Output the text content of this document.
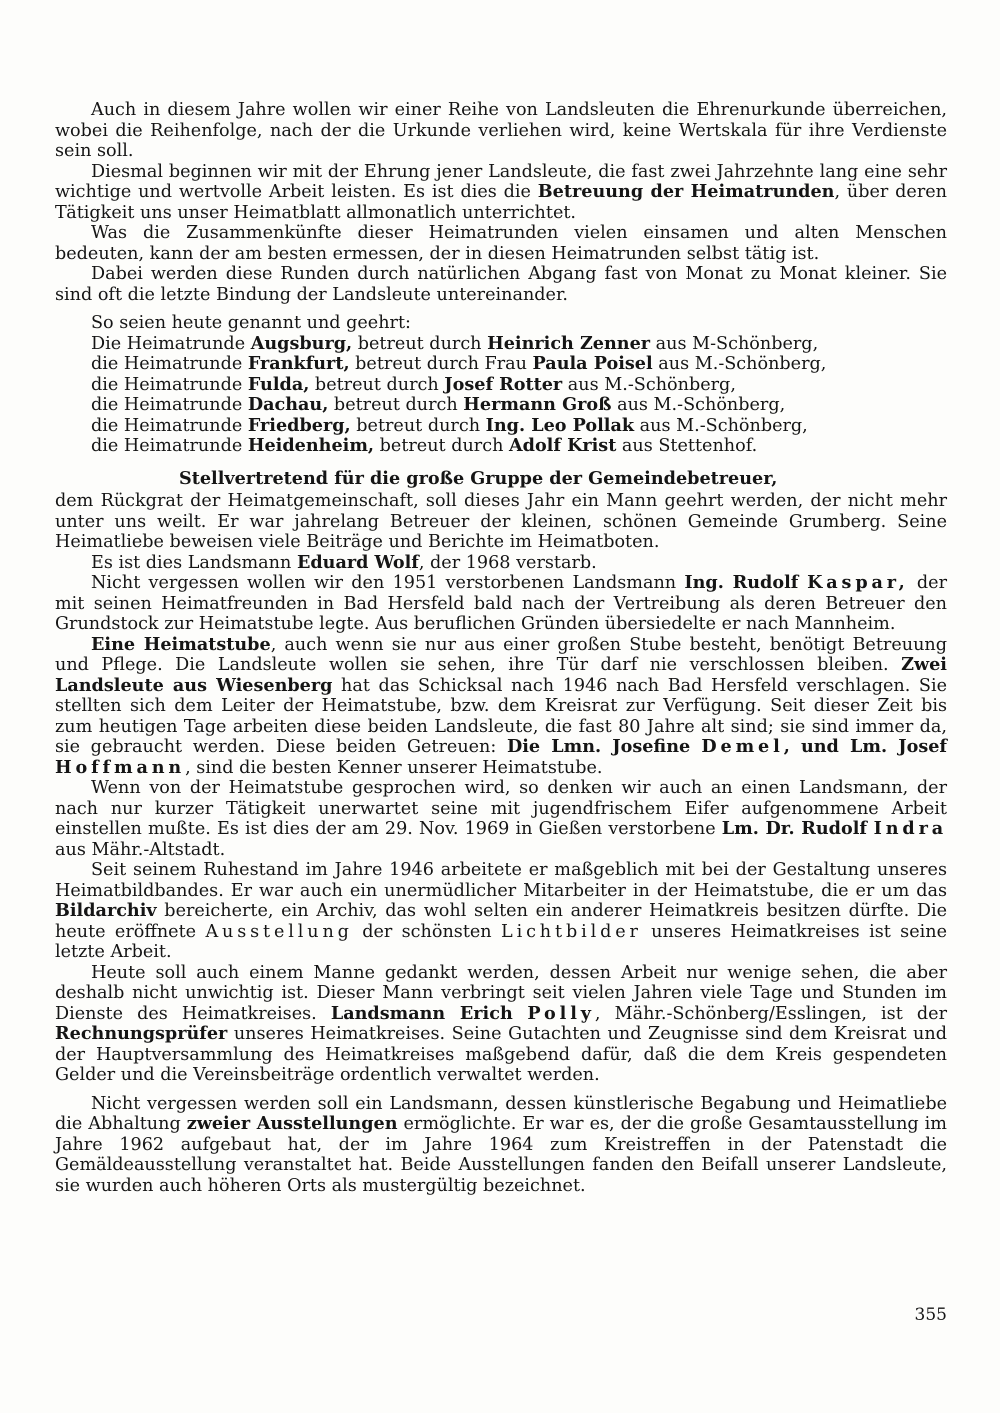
Auch in diesem Jahre wollen wir einer Reihe von Landsleuten die Ehrenurkunde überreichen, wobei die Reihenfolge, nach der die Urkunde verliehen wird, keine Wertskala für ihre Verdienste sein soll.

Diesmal beginnen wir mit der Ehrung jener Landsleute, die fast zwei Jahrzehnte lang eine sehr wichtige und wertvolle Arbeit leisten. Es ist dies die Betreuung der Heimatrunden, über deren Tätigkeit uns unser Heimatblatt allmonatlich unterrichtet.

Was die Zusammenkünfte dieser Heimatrunden vielen einsamen und alten Menschen bedeuten, kann der am besten ermessen, der in diesen Heimatrunden selbst tätig ist.

Dabei werden diese Runden durch natürlichen Abgang fast von Monat zu Monat kleiner. Sie sind oft die letzte Bindung der Landsleute untereinander.

So seien heute genannt und geehrt:

Die Heimatrunde Augsburg, betreut durch Heinrich Zenner aus M-Schönberg,
die Heimatrunde Frankfurt, betreut durch Frau Paula Poisel aus M.-Schönberg,
die Heimatrunde Fulda, betreut durch Josef Rotter aus M.-Schönberg,
die Heimatrunde Dachau, betreut durch Hermann Groß aus M.-Schönberg,
die Heimatrunde Friedberg, betreut durch Ing. Leo Pollak aus M.-Schönberg,
die Heimatrunde Heidenheim, betreut durch Adolf Krist aus Stettenhof.
Stellvertretend für die große Gruppe der Gemeindebetreuer,

dem Rückgrat der Heimatgemeinschaft, soll dieses Jahr ein Mann geehrt werden, der nicht mehr unter uns weilt. Er war jahrelang Betreuer der kleinen, schönen Gemeinde Grumberg. Seine Heimatliebe beweisen viele Beiträge und Berichte im Heimatboten.

Es ist dies Landsmann Eduard Wolf, der 1968 verstarb.

Nicht vergessen wollen wir den 1951 verstorbenen Landsmann Ing. Rudolf Kaspar, der mit seinen Heimatfreunden in Bad Hersfeld bald nach der Vertreibung als deren Betreuer den Grundstock zur Heimatstube legte. Aus beruflichen Gründen übersiedelte er nach Mannheim.

Eine Heimatstube, auch wenn sie nur aus einer großen Stube besteht, benötigt Betreuung und Pflege. Die Landsleute wollen sie sehen, ihre Tür darf nie verschlossen bleiben. Zwei Landsleute aus Wiesenberg hat das Schicksal nach 1946 nach Bad Hersfeld verschlagen. Sie stellten sich dem Leiter der Heimatstube, bzw. dem Kreisrat zur Verfügung. Seit dieser Zeit bis zum heutigen Tage arbeiten diese beiden Landsleute, die fast 80 Jahre alt sind; sie sind immer da, sie gebraucht werden. Diese beiden Getreuen: Die Lmn. Josefine Demel, und Lm. Josef Hoffmann, sind die besten Kenner unserer Heimatstube.

Wenn von der Heimatstube gesprochen wird, so denken wir auch an einen Landsmann, der nach nur kurzer Tätigkeit unerwartet seine mit jugendfrischem Eifer aufgenommene Arbeit einstellen mußte. Es ist dies der am 29. Nov. 1969 in Gießen verstorbene Lm. Dr. Rudolf Indra aus Mähr.-Altstadt.

Seit seinem Ruhestand im Jahre 1946 arbeitete er maßgeblich mit bei der Gestaltung unseres Heimatbildbandes. Er war auch ein unermüdlicher Mitarbeiter in der Heimatstube, die er um das Bildarchiv bereicherte, ein Archiv, das wohl selten ein anderer Heimatkreis besitzen dürfte. Die heute eröffnete Ausstellung der schönsten Lichtbilder unseres Heimatkreises ist seine letzte Arbeit.

Heute soll auch einem Manne gedankt werden, dessen Arbeit nur wenige sehen, die aber deshalb nicht unwichtig ist. Dieser Mann verbringt seit vielen Jahren viele Tage und Stunden im Dienste des Heimatkreises. Landsmann Erich Polly, Mähr.-Schönberg/Esslingen, ist der Rechnungsprüfer unseres Heimatkreises. Seine Gutachten und Zeugnisse sind dem Kreisrat und der Hauptversammlung des Heimatkreises maßgebend dafür, daß die dem Kreis gespendeten Gelder und die Vereinsbeiträge ordentlich verwaltet werden.

Nicht vergessen werden soll ein Landsmann, dessen künstlerische Begabung und Heimatliebe die Abhaltung zweier Ausstellungen ermöglichte. Er war es, der die große Gesamtausstellung im Jahre 1962 aufgebaut hat, der im Jahre 1964 zum Kreistreffen in der Patenstadt die Gemäldeausstellung veranstaltet hat. Beide Ausstellungen fanden den Beifall unserer Landsleute, sie wurden auch höheren Orts als mustergültig bezeichnet.

355
